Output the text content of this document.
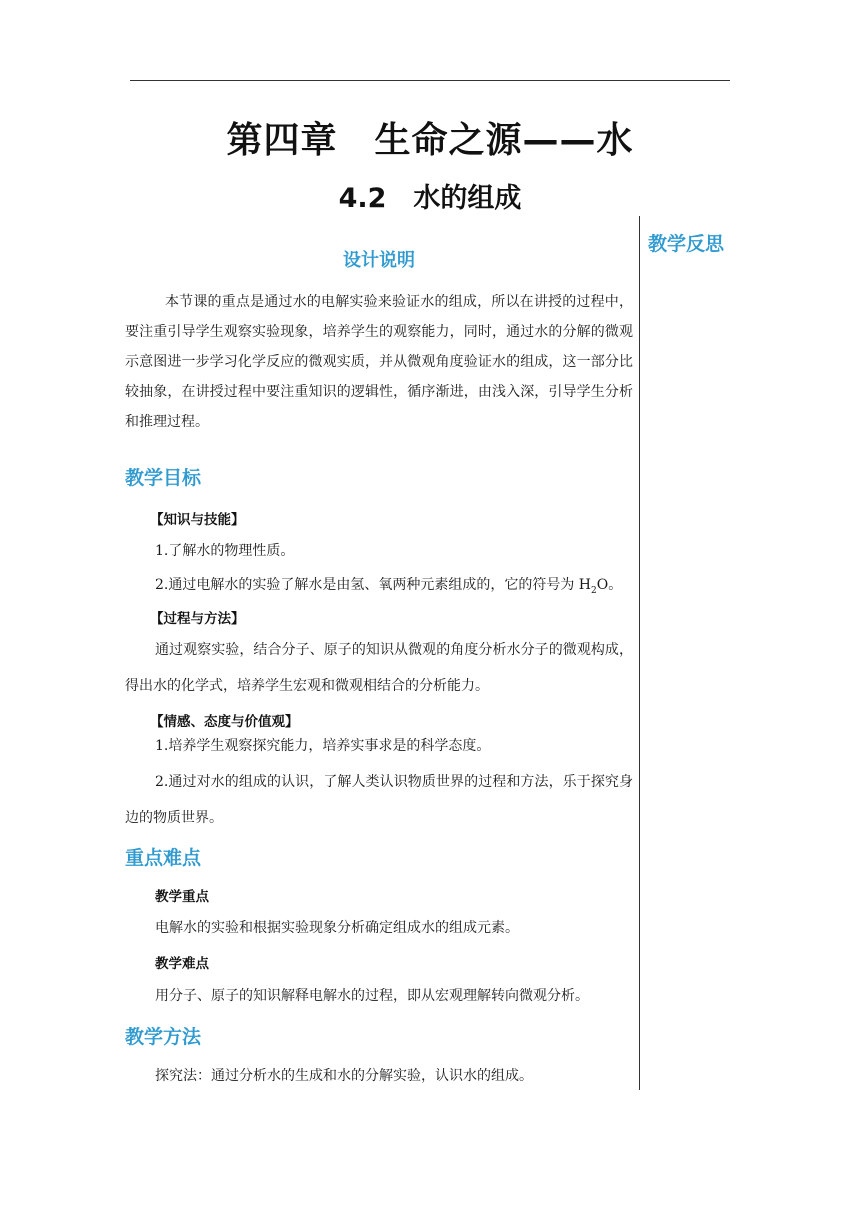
第四章　生命之源——水
4.2　水的组成
教学反思
设计说明
本节课的重点是通过水的电解实验来验证水的组成，所以在讲授的过程中，要注重引导学生观察实验现象，培养学生的观察能力，同时，通过水的分解的微观示意图进一步学习化学反应的微观实质，并从微观角度验证水的组成，这一部分比较抽象，在讲授过程中要注重知识的逻辑性，循序渐进，由浅入深，引导学生分析和推理过程。
教学目标
【知识与技能】
1.了解水的物理性质。
2.通过电解水的实验了解水是由氢、氧两种元素组成的，它的符号为 $H_2O$。
【过程与方法】
通过观察实验，结合分子、原子的知识从微观的角度分析水分子的微观构成，得出水的化学式，培养学生宏观和微观相结合的分析能力。
【情感、态度与价值观】
1.培养学生观察探究能力，培养实事求是的科学态度。
2.通过对水的组成的认识，了解人类认识物质世界的过程和方法，乐于探究身边的物质世界。
重点难点
教学重点
电解水的实验和根据实验现象分析确定组成水的组成元素。
教学难点
用分子、原子的知识解释电解水的过程，即从宏观理解转向微观分析。
教学方法
探究法：通过分析水的生成和水的分解实验，认识水的组成。
